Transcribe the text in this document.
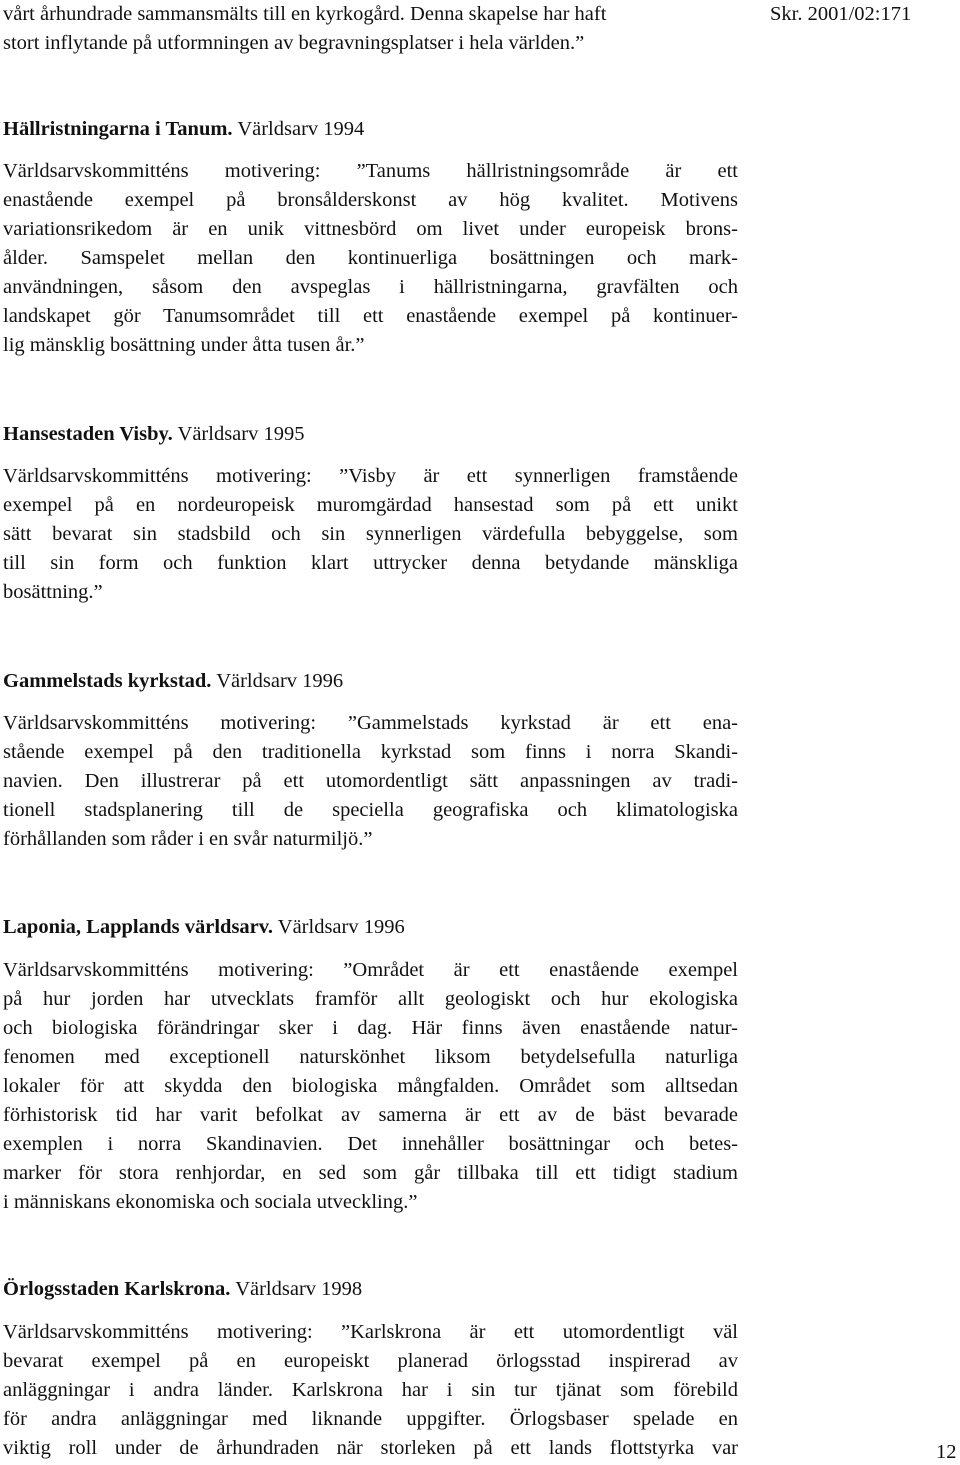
Skr. 2001/02:171
vårt århundrade sammansmälts till en kyrkogård. Denna skapelse har haft
stort inflytande på utformningen av begravningsplatser i hela världen.”
Hällristningarna i Tanum. Världsarv 1994
Världsarvskommitténs motivering: ”Tanums hällristningsområde är ett
enastående exempel på bronsålderskonst av hög kvalitet. Motivens
variationsrikedom är en unik vittnesbörd om livet under europeisk brons-
ålder. Samspelet mellan den kontinuerliga bosättningen och mark-
användningen, såsom den avspeglas i hällristningarna, gravfälten och
landskapet gör Tanumsområdet till ett enastående exempel på kontinuer-
lig mänsklig bosättning under åtta tusen år.”
Hansestaden Visby. Världsarv 1995
Världsarvskommitténs motivering: ”Visby är ett synnerligen framstående
exempel på en nordeuropeisk muromgärdad hansestad som på ett unikt
sätt bevarat sin stadsbild och sin synnerligen värdefulla bebyggelse, som
till sin form och funktion klart uttrycker denna betydande mänskliga
bosättning.”
Gammelstads kyrkstad. Världsarv 1996
Världsarvskommitténs motivering: ”Gammelstads kyrkstad är ett ena-
stående exempel på den traditionella kyrkstad som finns i norra Skandi-
navien. Den illustrerar på ett utomordentligt sätt anpassningen av tradi-
tionell stadsplanering till de speciella geografiska och klimatologiska
förhållanden som råder i en svår naturmiljö.”
Laponia, Lapplands världsarv. Världsarv 1996
Världsarvskommitténs motivering: ”Området är ett enastående exempel
på hur jorden har utvecklats framför allt geologiskt och hur ekologiska
och biologiska förändringar sker i dag. Här finns även enastående natur-
fenomen med exceptionell naturskönhet liksom betydelsefulla naturliga
lokaler för att skydda den biologiska mångfalden. Området som alltsedan
förhistorisk tid har varit befolkat av samerna är ett av de bäst bevarade
exemplen i norra Skandinavien. Det innehåller bosättningar och betes-
marker för stora renhjordar, en sed som går tillbaka till ett tidigt stadium
i människans ekonomiska och sociala utveckling.”
Örlogsstaden Karlskrona. Världsarv 1998
Världsarvskommitténs motivering: ”Karlskrona är ett utomordentligt väl
bevarat exempel på en europeiskt planerad örlogsstad inspirerad av
anläggningar i andra länder. Karlskrona har i sin tur tjänat som förebild
för andra anläggningar med liknande uppgifter. Örlogsbaser spelade en
viktig roll under de århundraden när storleken på ett lands flottstyrka var	12
